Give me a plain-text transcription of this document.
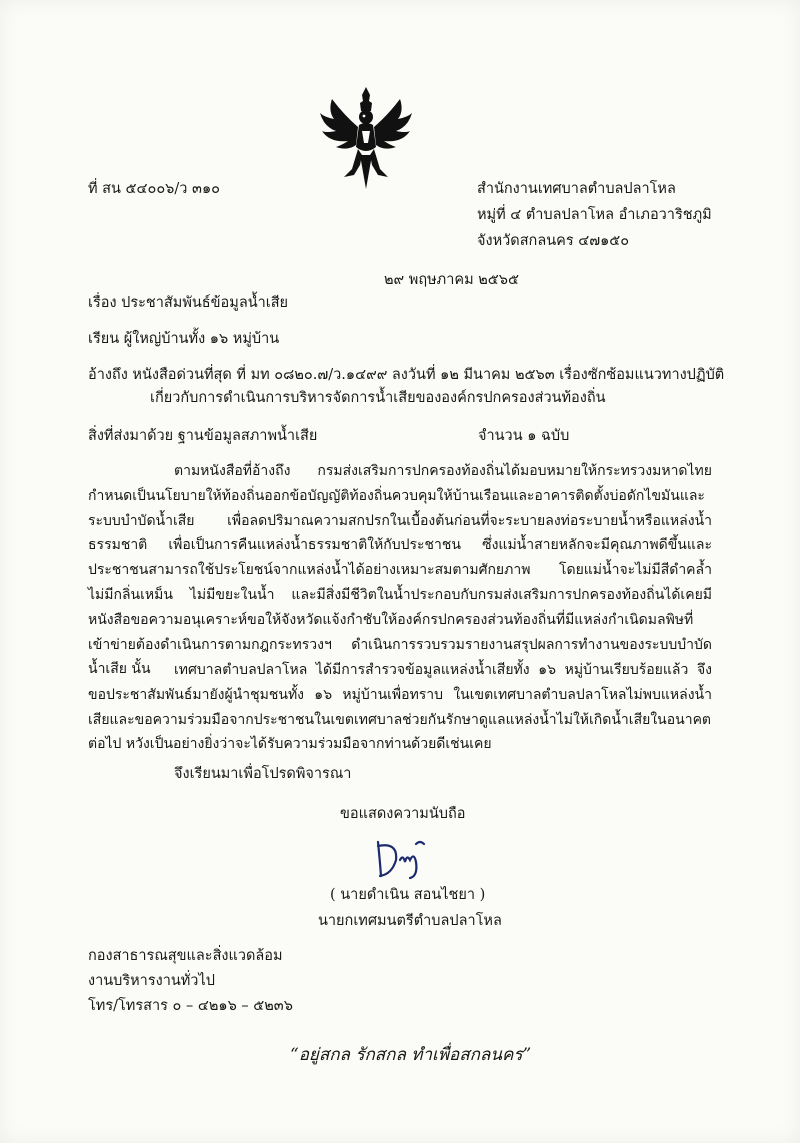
ที่ สน ๕๔๐๐๖/ว ๓๑๐	สำนักงานเทศบาลตำบลปลาโหล
หมู่ที่ ๔ ตำบลปลาโหล อำเภอวาริชภูมิ
จังหวัดสกลนคร ๔๗๑๕๐
๒๙ พฤษภาคม ๒๕๖๕
เรื่อง ประชาสัมพันธ์ข้อมูลน้ำเสีย
เรียน ผู้ใหญ่บ้านทั้ง ๑๖ หมู่บ้าน
อ้างถึง หนังสือด่วนที่สุด ที่ มท ๐๘๒๐.๗/ว.๑๔๙๙ ลงวันที่ ๑๒ มีนาคม ๒๕๖๓ เรื่องซักซ้อมแนวทางปฏิบัติ
เกี่ยวกับการดำเนินการบริหารจัดการน้ำเสียขององค์กรปกครองส่วนท้องถิ่น
สิ่งที่ส่งมาด้วย ฐานข้อมูลสภาพน้ำเสีย	จำนวน ๑ ฉบับ
ตามหนังสือที่อ้างถึง กรมส่งเสริมการปกครองท้องถิ่นได้มอบหมายให้กระทรวงมหาดไทยกำหนดเป็นนโยบายให้ท้องถิ่นออกข้อบัญญัติท้องถิ่นควบคุมให้บ้านเรือนและอาคารติดตั้งบ่อดักไขมันและระบบบำบัดน้ำเสีย เพื่อลดปริมาณความสกปรกในเบื้องต้นก่อนที่จะระบายลงท่อระบายน้ำหรือแหล่งน้ำธรรมชาติ เพื่อเป็นการคืนแหล่งน้ำธรรมชาติให้กับประชาชน ซึ่งแม่น้ำสายหลักจะมีคุณภาพดีขึ้นและประชาชนสามารถใช้ประโยชน์จากแหล่งน้ำได้อย่างเหมาะสมตามศักยภาพ โดยแม่น้ำจะไม่มีสีดำคล้ำ ไม่มีกลิ่นเหม็น ไม่มีขยะในน้ำ และมีสิ่งมีชีวิตในน้ำประกอบกับกรมส่งเสริมการปกครองท้องถิ่นได้เคยมีหนังสือขอความอนุเคราะห์ขอให้จังหวัดแจ้งกำชับให้องค์กรปกครองส่วนท้องถิ่นที่มีแหล่งกำเนิดมลพิษที่เข้าข่ายต้องดำเนินการตามกฎกระทรวงฯ ดำเนินการรวบรวมรายงานสรุปผลการทำงานของระบบบำบัดน้ำเสีย นั้น	เทศบาลตำบลปลาโหล ได้มีการสำรวจข้อมูลแหล่งน้ำเสียทั้ง ๑๖ หมู่บ้านเรียบร้อยแล้ว จึงขอประชาสัมพันธ์มายังผู้นำชุมชนทั้ง ๑๖ หมู่บ้านเพื่อทราบ ในเขตเทศบาลตำบลปลาโหลไม่พบแหล่งน้ำเสียและขอความร่วมมือจากประชาชนในเขตเทศบาลช่วยกันรักษาดูแลแหล่งน้ำไม่ให้เกิดน้ำเสียในอนาคตต่อไป หวังเป็นอย่างยิ่งว่าจะได้รับความร่วมมือจากท่านด้วยดีเช่นเคย
จึงเรียนมาเพื่อโปรดพิจารณา
ขอแสดงความนับถือ
( นายดำเนิน สอนไชยา )
นายกเทศมนตรีตำบลปลาโหล
กองสาธารณสุขและสิ่งแวดล้อม
งานบริหารงานทั่วไป
โทร/โทรสาร ๐ – ๔๒๑๖ – ๕๒๓๖
“อยู่สกล รักสกล ทำเพื่อสกลนคร”
